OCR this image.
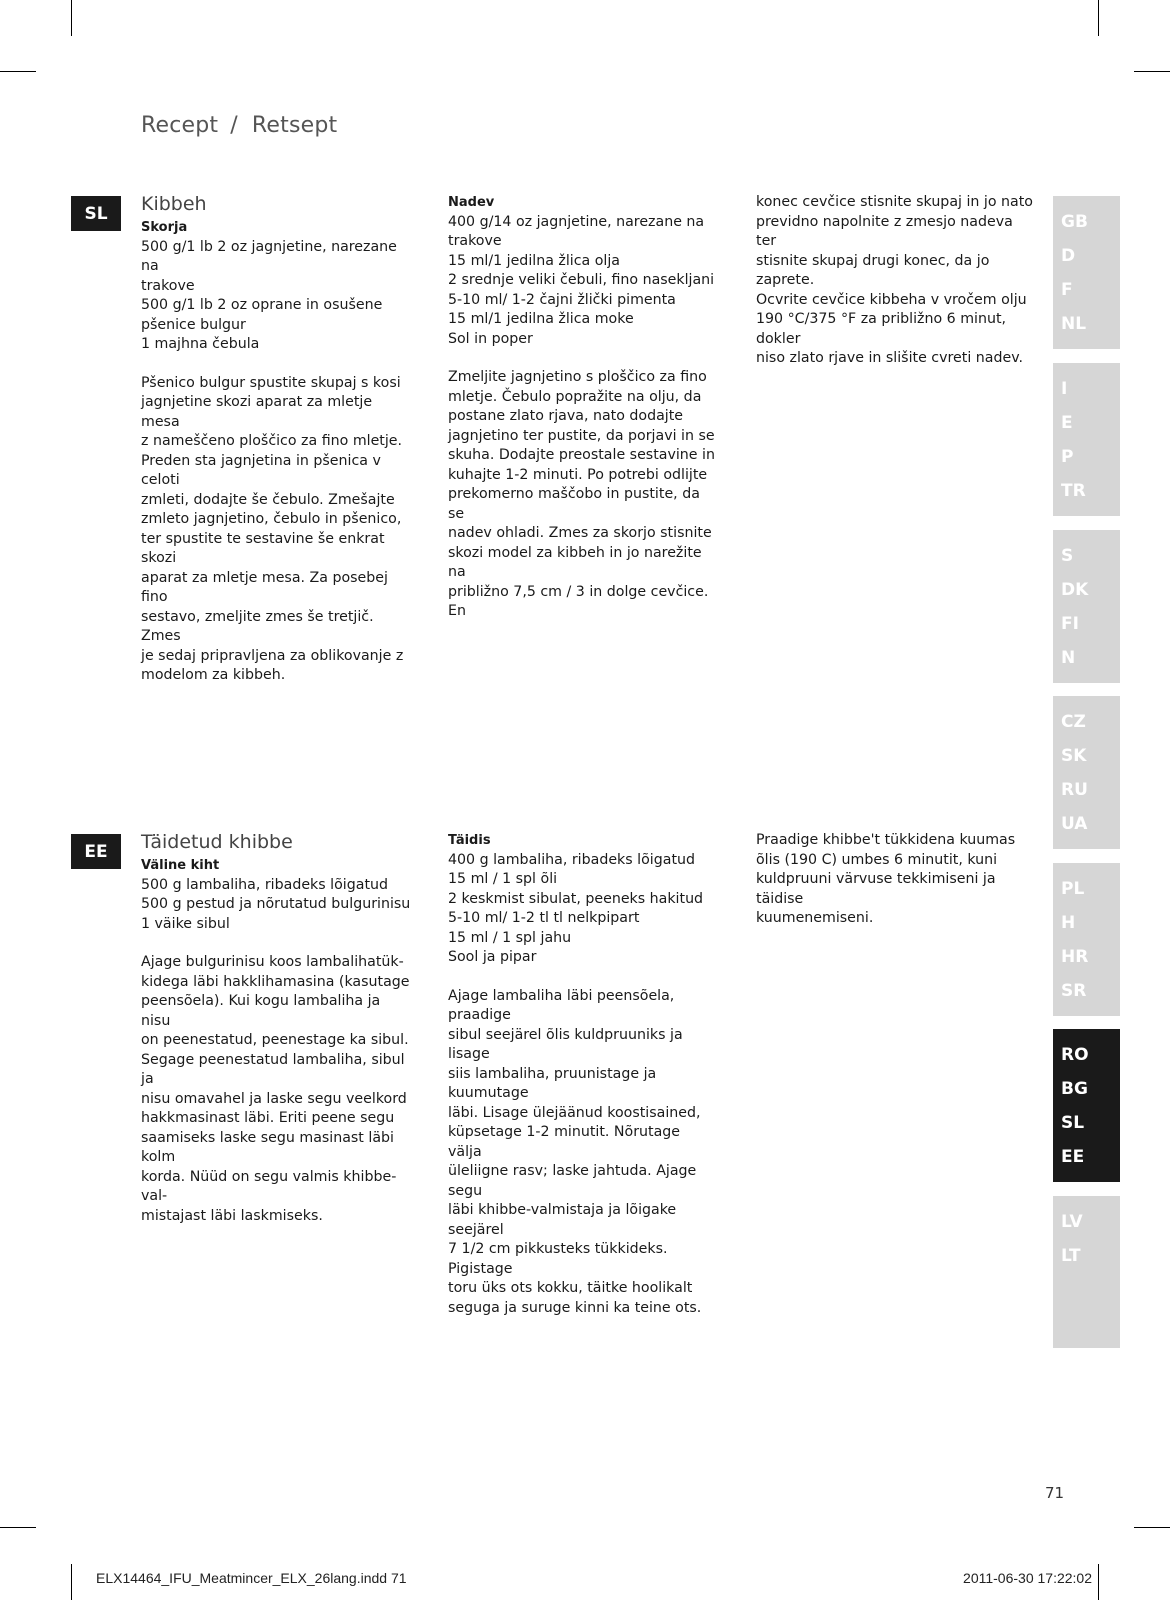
Recept / Retsept
SL	Kibbeh
Skorja

500 g/1 lb 2 oz jagnjetine, narezane na

trakove

500 g/1 lb 2 oz oprane in osušene

pšenice bulgur

1 majhna čebula

Pšenico bulgur spustite skupaj s kosi

jagnjetine skozi aparat za mletje mesa

z nameščeno ploščico za fino mletje.

Preden sta jagnjetina in pšenica v celoti

zmleti, dodajte še čebulo. Zmešajte

zmleto jagnjetino, čebulo in pšenico,

ter spustite te sestavine še enkrat skozi

aparat za mletje mesa. Za posebej fino

sestavo, zmeljite zmes še tretjič. Zmes

je sedaj pripravljena za oblikovanje z

modelom za kibbeh.

Nadev

400 g/14 oz jagnjetine, narezane na

trakove

15 ml/1 jedilna žlica olja

2 srednje veliki čebuli, fino nasekljani

5-10 ml/ 1-2 čajni žlički pimenta

15 ml/1 jedilna žlica moke

Sol in poper

Zmeljite jagnjetino s ploščico za fino

mletje. Čebulo popražite na olju, da

postane zlato rjava, nato dodajte

jagnjetino ter pustite, da porjavi in se

skuha. Dodajte preostale sestavine in

kuhajte 1-2 minuti. Po potrebi odlijte

prekomerno maščobo in pustite, da se

nadev ohladi. Zmes za skorjo stisnite

skozi model za kibbeh in jo narežite na

približno 7,5 cm / 3 in dolge cevčice. En

konec cevčice stisnite skupaj in jo nato

previdno napolnite z zmesjo nadeva ter

stisnite skupaj drugi konec, da jo zaprete.

Ocvrite cevčice kibbeha v vročem olju

190 °C/375 °F za približno 6 minut, dokler

niso zlato rjave in slišite cvreti nadev.

EE	Täidetud khibbe
Väline kiht

500 g lambaliha, ribadeks lõigatud

500 g pestud ja nõrutatud bulgurinisu

1 väike sibul

Ajage bulgurinisu koos lambalihatük-

kidega läbi hakklihamasina (kasutage

peensõela). Kui kogu lambaliha ja nisu

on peenestatud, peenestage ka sibul.

Segage peenestatud lambaliha, sibul ja

nisu omavahel ja laske segu veelkord

hakkmasinast läbi. Eriti peene segu

saamiseks laske segu masinast läbi kolm

korda. Nüüd on segu valmis khibbe-val-

mistajast läbi laskmiseks.

Täidis

400 g lambaliha, ribadeks lõigatud

15 ml / 1 spl õli

2 keskmist sibulat, peeneks hakitud

5-10 ml/ 1-2 tl tl nelkpipart

15 ml / 1 spl jahu

Sool ja pipar

Ajage lambaliha läbi peensõela, praadige

sibul seejärel õlis kuldpruuniks ja lisage

siis lambaliha, pruunistage ja kuumutage

läbi. Lisage ülejäänud koostisained,

küpsetage 1-2 minutit. Nõrutage välja

üleliigne rasv; laske jahtuda. Ajage segu

läbi khibbe-valmistaja ja lõigake seejärel

7 1/2 cm pikkusteks tükkideks. Pigistage

toru üks ots kokku, täitke hoolikalt

seguga ja suruge kinni ka teine ots.

Praadige khibbe't tükkidena kuumas

õlis (190 C) umbes 6 minutit, kuni

kuldpruuni värvuse tekkimiseni ja täidise

kuumenemiseni.

GB
D
F
NL
I
E
P
TR
S
DK
FI
N
CZ
SK
RU
UA
PL
H
HR
SR
RO
BG
SL
EE
LV
LT
71
ELX14464_IFU_Meatmincer_ELX_26lang.indd 71	2011-06-30 17:22:02
